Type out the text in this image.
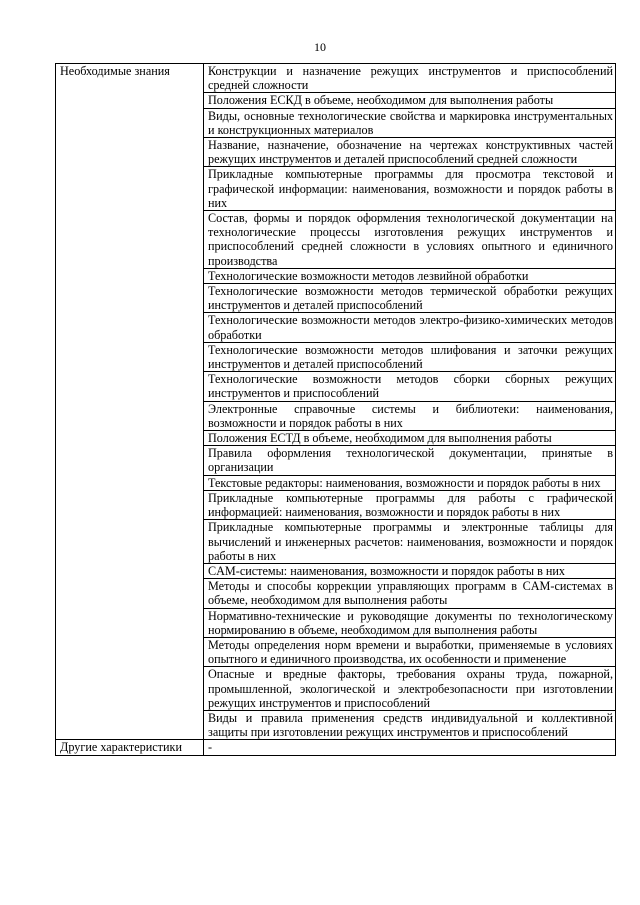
10
Необходимые знания	Конструкции и назначение режущих инструментов и приспособлений средней сложности
	Положения ЕСКД в объеме, необходимом для выполнения работы
	Виды, основные технологические свойства и маркировка инструментальных и конструкционных материалов
	Название, назначение, обозначение на чертежах конструктивных частей режущих инструментов и деталей приспособлений средней сложности
	Прикладные компьютерные программы для просмотра текстовой и графической информации: наименования, возможности и порядок работы в них
	Состав, формы и порядок оформления технологической документации на технологические процессы изготовления режущих инструментов и приспособлений средней сложности в условиях опытного и единичного производства
	Технологические возможности методов лезвийной обработки
	Технологические возможности методов термической обработки режущих инструментов и деталей приспособлений
	Технологические возможности методов электро-физико-химических методов обработки
	Технологические возможности методов шлифования и заточки режущих инструментов и деталей приспособлений
	Технологические возможности методов сборки сборных режущих инструментов и приспособлений
	Электронные справочные системы и библиотеки: наименования, возможности и порядок работы в них
	Положения ЕСТД в объеме, необходимом для выполнения работы
	Правила оформления технологической документации, принятые в организации
	Текстовые редакторы: наименования, возможности и порядок работы в них
	Прикладные компьютерные программы для работы с графической информацией: наименования, возможности и порядок работы в них
	Прикладные компьютерные программы и электронные таблицы для вычислений и инженерных расчетов: наименования, возможности и порядок работы в них
	CAM-системы: наименования, возможности и порядок работы в них
	Методы и способы коррекции управляющих программ в CAM-системах в объеме, необходимом для выполнения работы
	Нормативно-технические и руководящие документы по технологическому нормированию в объеме, необходимом для выполнения работы
	Методы определения норм времени и выработки, применяемые в условиях опытного и единичного производства, их особенности и применение
	Опасные и вредные факторы, требования охраны труда, пожарной, промышленной, экологической и электробезопасности при изготовлении режущих инструментов и приспособлений
	Виды и правила применения средств индивидуальной и коллективной защиты при изготовлении режущих инструментов и приспособлений
Другие характеристики	-
